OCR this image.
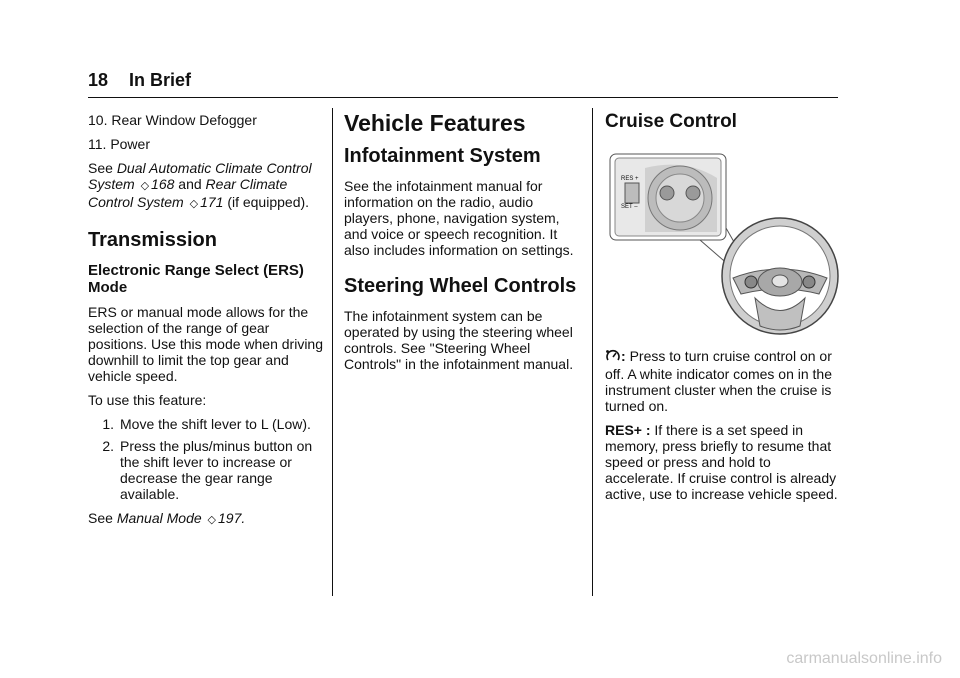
18 In Brief

10. Rear Window Defogger

11. Power

See Dual Automatic Climate Control System ◇ 168 and Rear Climate Control System ◇ 171 (if equipped).

Transmission
Electronic Range Select (ERS) Mode

ERS or manual mode allows for the selection of the range of gear positions. Use this mode when driving downhill to limit the top gear and vehicle speed.

To use this feature:

1. Move the shift lever to L (Low).
2. Press the plus/minus button on the shift lever to increase or decrease the gear range available.

See Manual Mode ◇ 197.

Vehicle Features
Infotainment System

See the infotainment manual for information on the radio, audio players, phone, navigation system, and voice or speech recognition. It also includes information on settings.

Steering Wheel Controls

The infotainment system can be operated by using the steering wheel controls. See "Steering Wheel Controls" in the infotainment manual.

Cruise Control
RES +
SET –

: Press to turn cruise control on or off. A white indicator comes on in the instrument cluster when the cruise is turned on.

RES+ : If there is a set speed in memory, press briefly to resume that speed or press and hold to accelerate. If cruise control is already active, use to increase vehicle speed.

carmanualsonline.info
